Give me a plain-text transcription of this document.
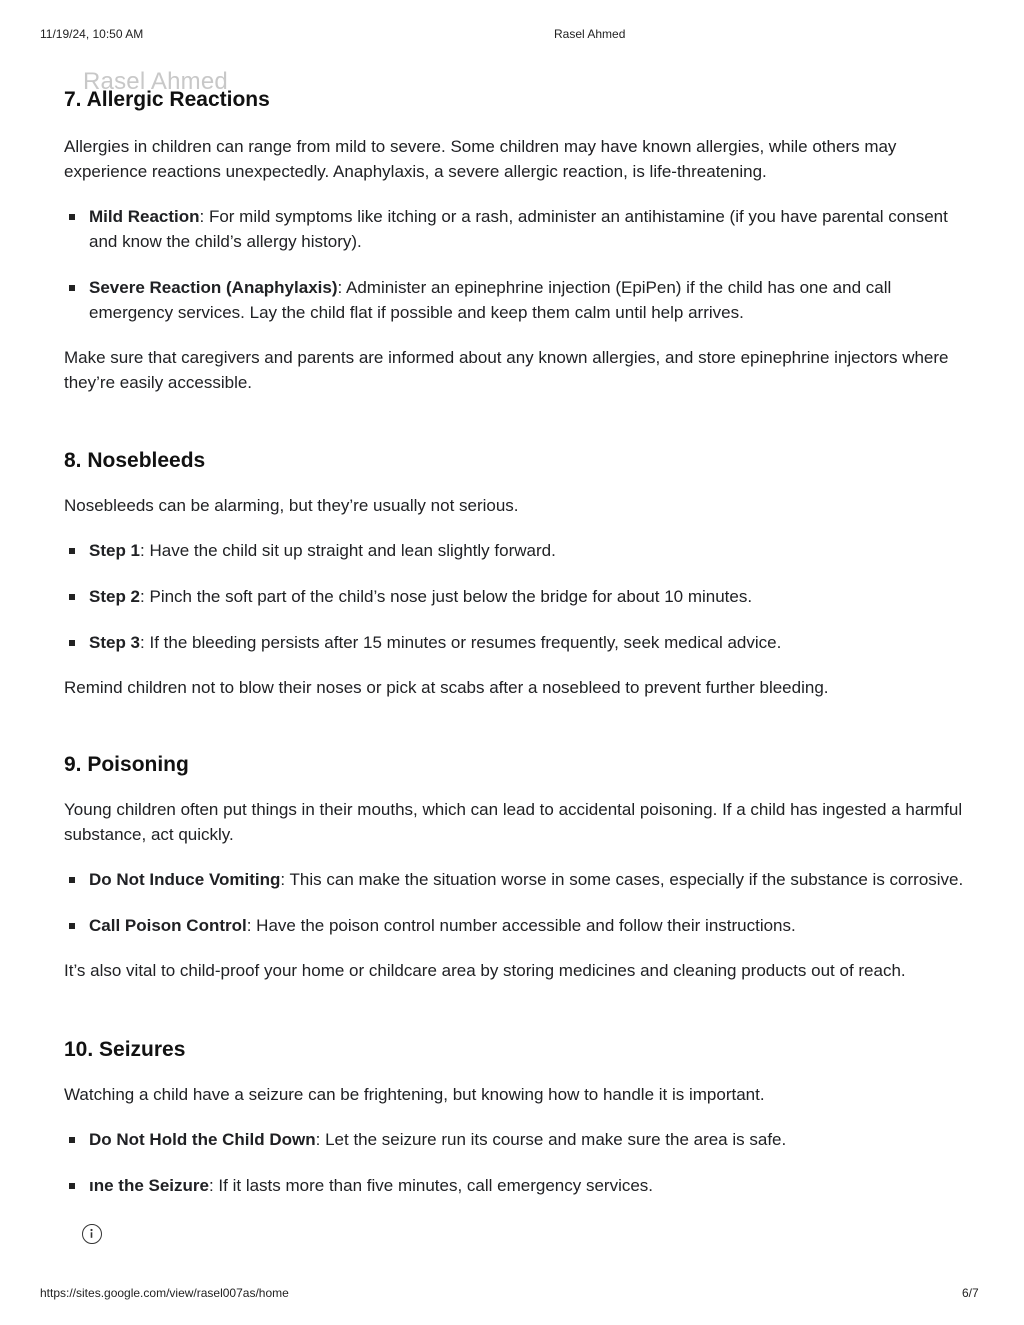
11/19/24, 10:50 AM	Rasel Ahmed
Rasel Ahmed
7. Allergic Reactions

Allergies in children can range from mild to severe. Some children may have known allergies, while others may experience reactions unexpectedly. Anaphylaxis, a severe allergic reaction, is life-threatening.

Mild Reaction: For mild symptoms like itching or a rash, administer an antihistamine (if you have parental consent and know the child’s allergy history).
Severe Reaction (Anaphylaxis): Administer an epinephrine injection (EpiPen) if the child has one and call emergency services. Lay the child flat if possible and keep them calm until help arrives.

Make sure that caregivers and parents are informed about any known allergies, and store epinephrine injectors where they’re easily accessible.

8. Nosebleeds

Nosebleeds can be alarming, but they’re usually not serious.

Step 1: Have the child sit up straight and lean slightly forward.
Step 2: Pinch the soft part of the child’s nose just below the bridge for about 10 minutes.
Step 3: If the bleeding persists after 15 minutes or resumes frequently, seek medical advice.

Remind children not to blow their noses or pick at scabs after a nosebleed to prevent further bleeding.

9. Poisoning

Young children often put things in their mouths, which can lead to accidental poisoning. If a child has ingested a harmful substance, act quickly.

Do Not Induce Vomiting: This can make the situation worse in some cases, especially if the substance is corrosive.
Call Poison Control: Have the poison control number accessible and follow their instructions.

It’s also vital to child-proof your home or childcare area by storing medicines and cleaning products out of reach.

10. Seizures

Watching a child have a seizure can be frightening, but knowing how to handle it is important.

Do Not Hold the Child Down: Let the seizure run its course and make sure the area is safe.
ıne the Seizure: If it lasts more than five minutes, call emergency services.
https://sites.google.com/view/rasel007as/home	6/7
